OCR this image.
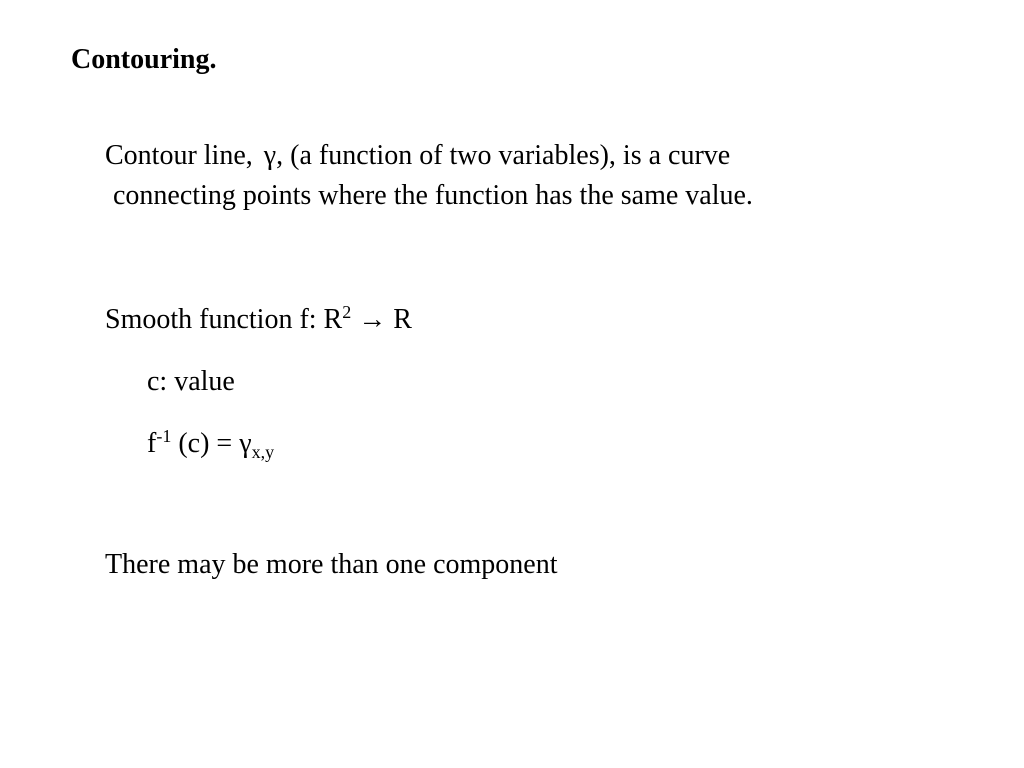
Contouring.
Contour line, γ, (a function of two variables), is a curve
connecting points where the function has the same value.
Smooth function f: $R^2 \to R$
c: value
$f^{-1}$ $(c) = \gamma_{x,y}$
There may be more than one component
